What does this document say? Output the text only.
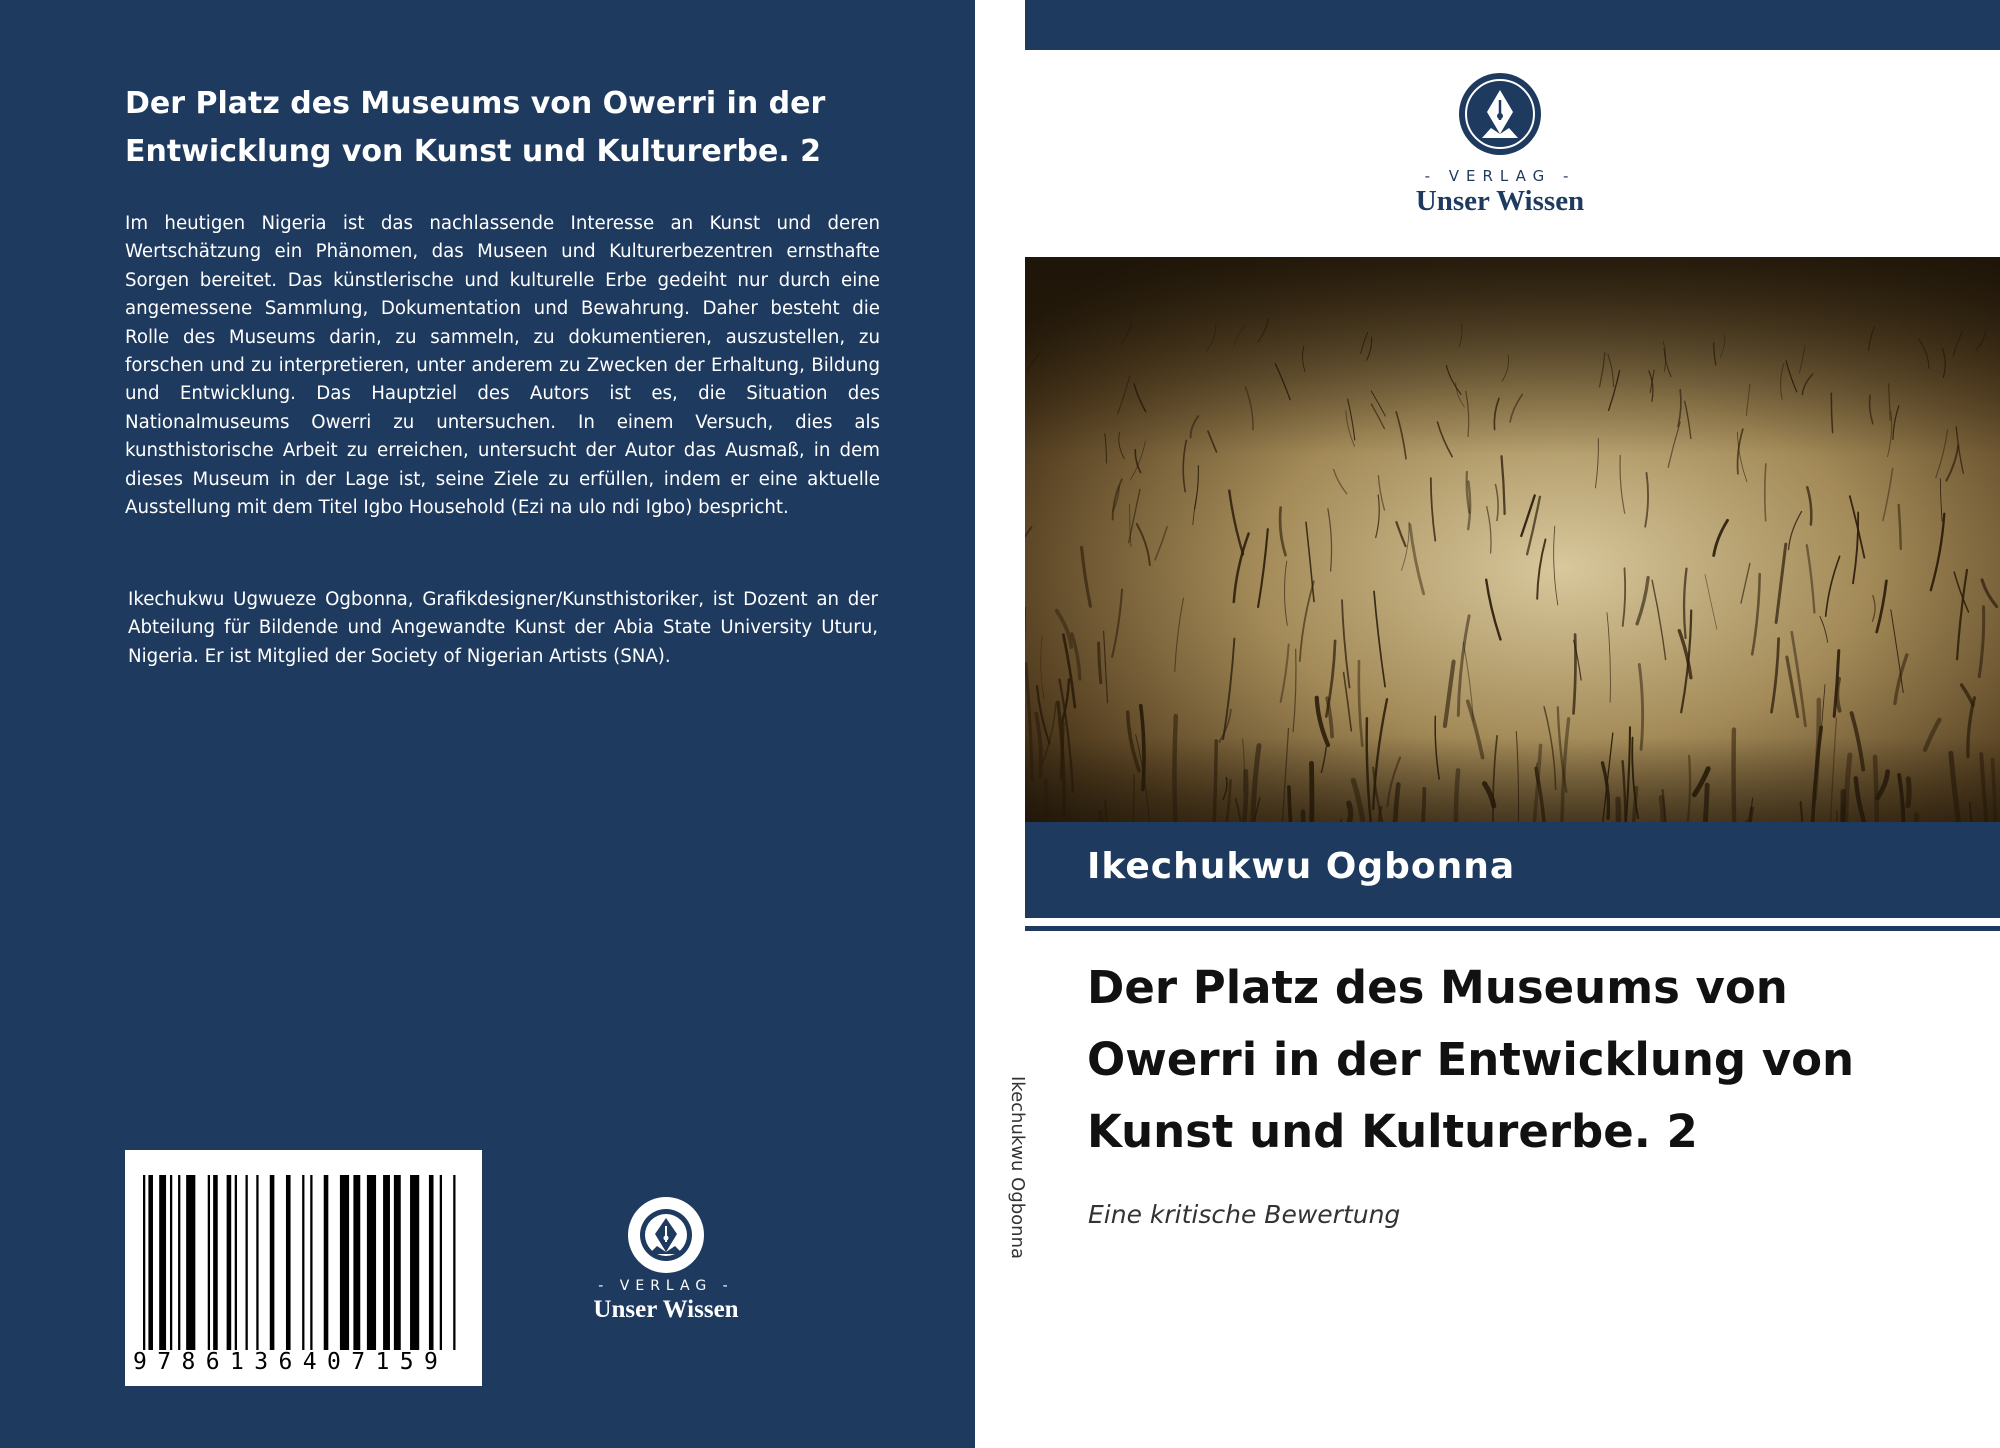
Der Platz des Museums von Owerri in der Entwicklung von Kunst und Kulturerbe. 2
Im heutigen Nigeria ist das nachlassende Interesse an Kunst und deren Wertschätzung ein Phänomen, das Museen und Kulturerbezentren ernsthafte Sorgen bereitet. Das künstlerische und kulturelle Erbe gedeiht nur durch eine angemessene Sammlung, Dokumentation und Bewahrung. Daher besteht die Rolle des Museums darin, zu sammeln, zu dokumentieren, auszustellen, zu forschen und zu interpretieren, unter anderem zu Zwecken der Erhaltung, Bildung und Entwicklung. Das Hauptziel des Autors ist es, die Situation des Nationalmuseums Owerri zu untersuchen. In einem Versuch, dies als kunsthistorische Arbeit zu erreichen, untersucht der Autor das Ausmaß, in dem dieses Museum in der Lage ist, seine Ziele zu erfüllen, indem er eine aktuelle Ausstellung mit dem Titel Igbo Household (Ezi na ulo ndi Igbo) bespricht.
Ikechukwu Ugwueze Ogbonna, Grafikdesigner/Kunsthistoriker, ist Dozent an der Abteilung für Bildende und Angewandte Kunst der Abia State University Uturu, Nigeria. Er ist Mitglied der Society of Nigerian Artists (SNA).
9786136407159
- VERLAG -
Unser Wissen
Ikechukwu Ogbonna
- VERLAG -
Unser Wissen
Ikechukwu Ogbonna
Der Platz des Museums von Owerri in der Entwicklung von Kunst und Kulturerbe. 2
Eine kritische Bewertung
